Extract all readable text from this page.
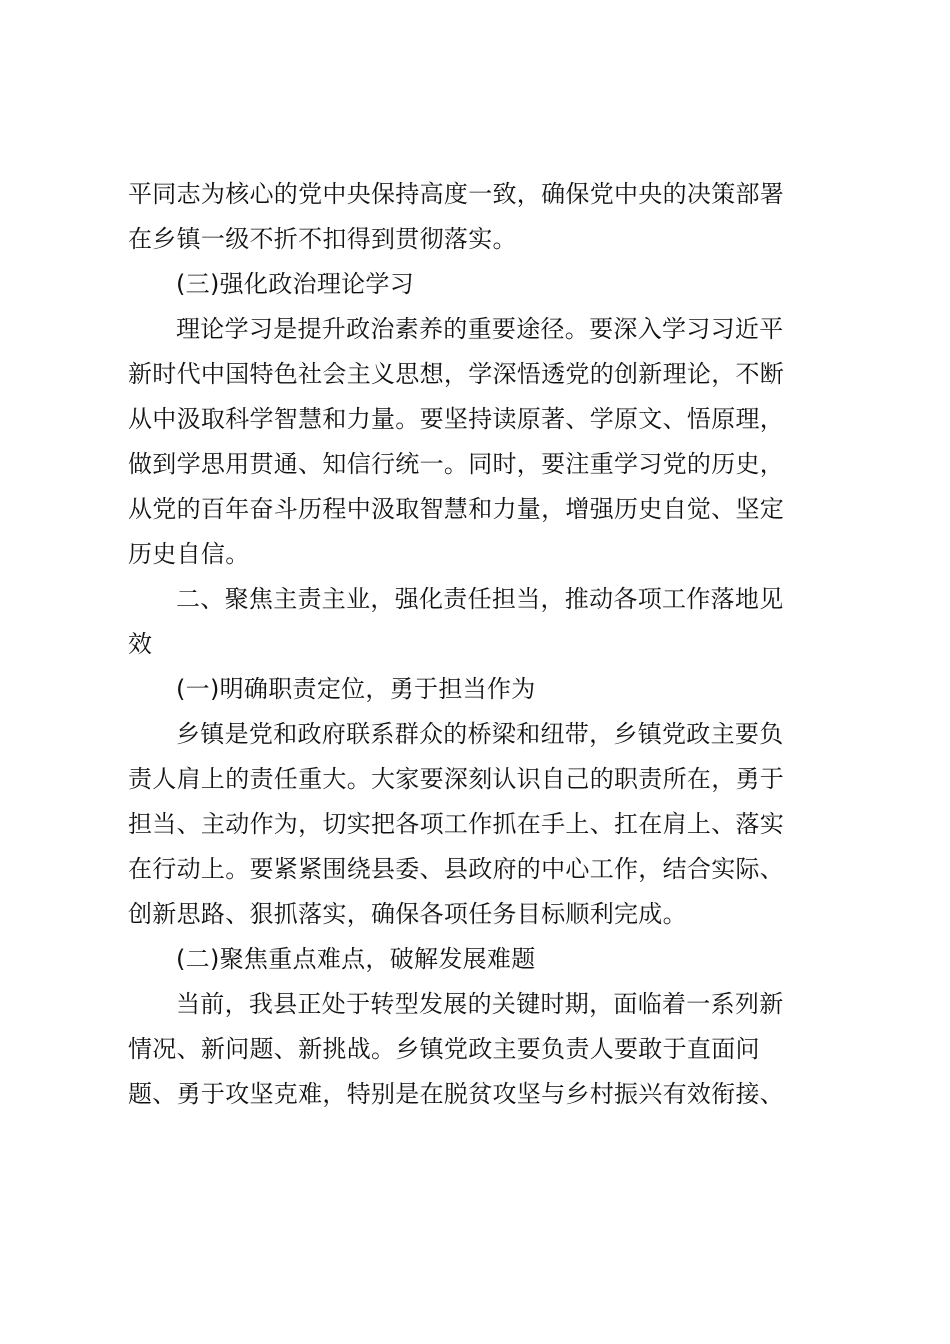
平同志为核心的党中央保持高度一致，确保党中央的决策部署
在乡镇一级不折不扣得到贯彻落实。
(三)强化政治理论学习
理论学习是提升政治素养的重要途径。要深入学习习近平
新时代中国特色社会主义思想，学深悟透党的创新理论，不断
从中汲取科学智慧和力量。要坚持读原著、学原文、悟原理，
做到学思用贯通、知信行统一。同时，要注重学习党的历史，
从党的百年奋斗历程中汲取智慧和力量，增强历史自觉、坚定
历史自信。
二、聚焦主责主业，强化责任担当，推动各项工作落地见
效
(一)明确职责定位，勇于担当作为
乡镇是党和政府联系群众的桥梁和纽带，乡镇党政主要负
责人肩上的责任重大。大家要深刻认识自己的职责所在，勇于
担当、主动作为，切实把各项工作抓在手上、扛在肩上、落实
在行动上。要紧紧围绕县委、县政府的中心工作，结合实际、
创新思路、狠抓落实，确保各项任务目标顺利完成。
(二)聚焦重点难点，破解发展难题
当前，我县正处于转型发展的关键时期，面临着一系列新
情况、新问题、新挑战。乡镇党政主要负责人要敢于直面问
题、勇于攻坚克难，特别是在脱贫攻坚与乡村振兴有效衔接、
